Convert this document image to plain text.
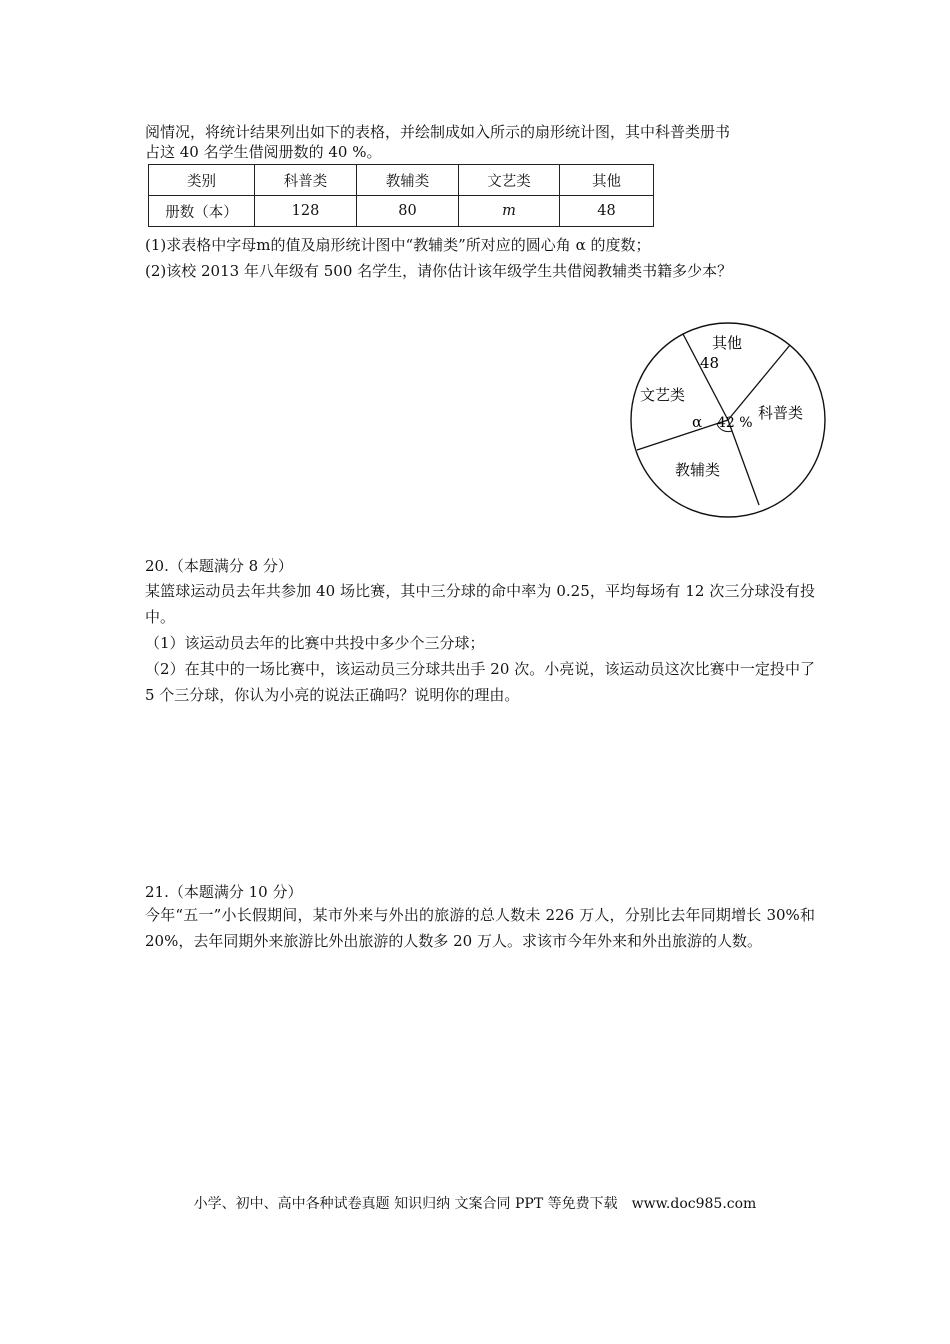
阅情况，将统计结果列出如下的表格，并绘制成如入所示的扇形统计图，其中科普类册书
占这 40 名学生借阅册数的 40 %。
类别	科普类	教辅类	文艺类	其他
册数（本）	128	80	m	48
(1)求表格中字母m的值及扇形统计图中“教辅类”所对应的圆心角 α 的度数；
(2)该校 2013 年八年级有 500 名学生，请你估计该年级学生共借阅教辅类书籍多少本？
其他
48
文艺类
科普类
教辅类
α 42 %
20.（本题满分 8 分）
某篮球运动员去年共参加 40 场比赛，其中三分球的命中率为 0.25，平均每场有 12 次三分球没有投中。
（1）该运动员去年的比赛中共投中多少个三分球；
（2）在其中的一场比赛中，该运动员三分球共出手 20 次。小亮说，该运动员这次比赛中一定投中了 5 个三分球，你认为小亮的说法正确吗？说明你的理由。
21.（本题满分 10 分）
今年“五一”小长假期间，某市外来与外出的旅游的总人数未 226 万人，分别比去年同期增长 30%和 20%，去年同期外来旅游比外出旅游的人数多 20 万人。求该市今年外来和外出旅游的人数。
小学、初中、高中各种试卷真题 知识归纳 文案合同 PPT 等免费下载　www.doc985.com
